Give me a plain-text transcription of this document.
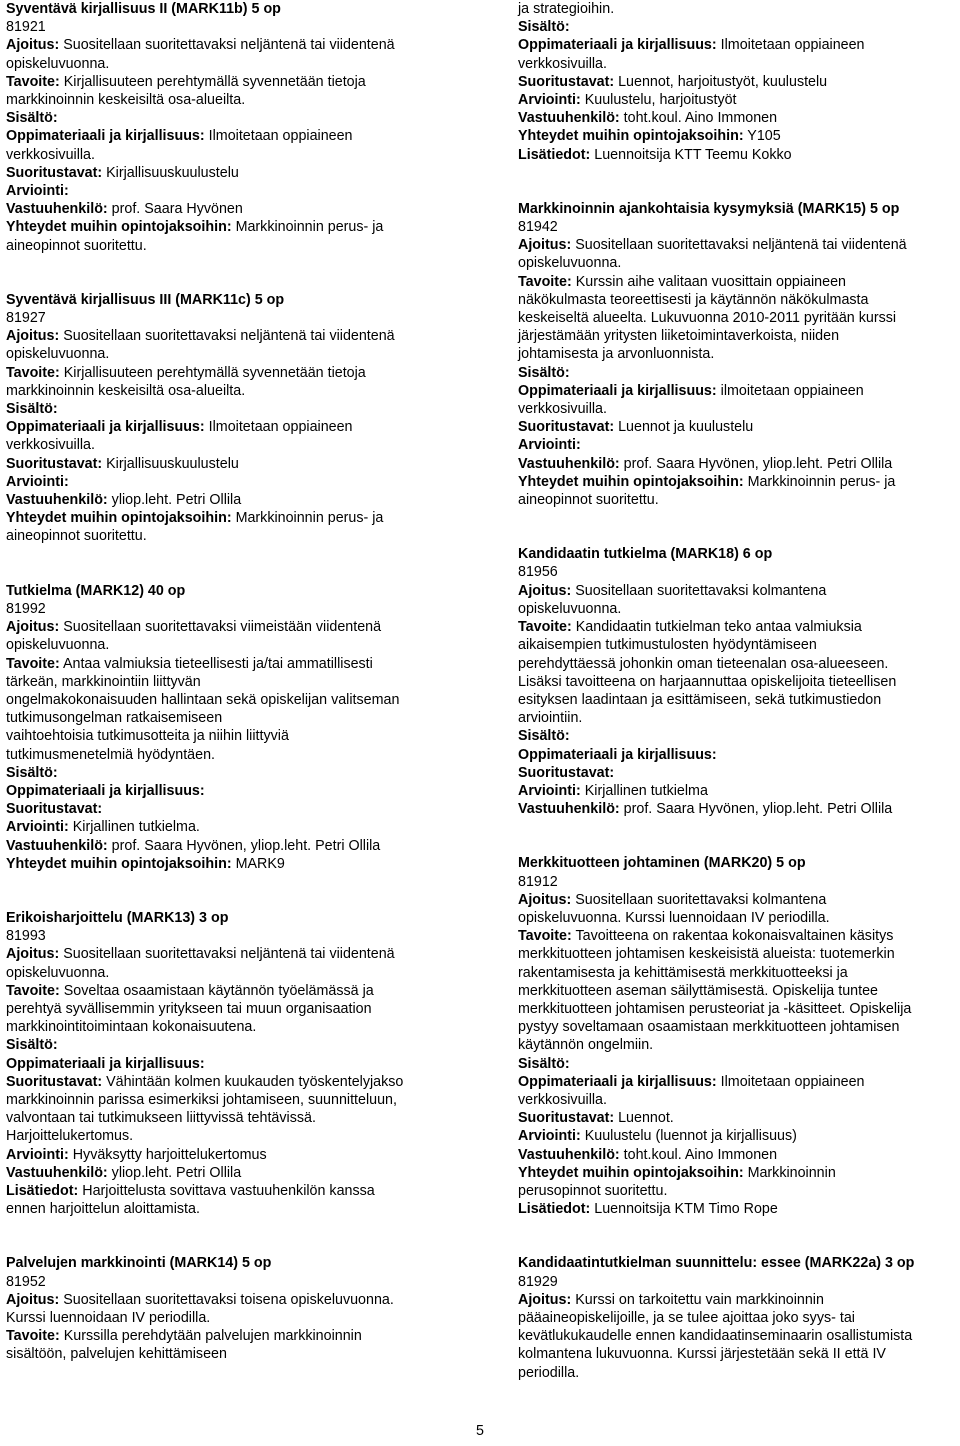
Syventävä kirjallisuus II (MARK11b) 5 op
81921
Ajoitus: Suositellaan suoritettavaksi neljäntenä tai viidentenä
opiskeluvuonna.
Tavoite: Kirjallisuuteen perehtymällä syvennetään tietoja
markkinoinnin keskeisiltä osa-alueilta.
Sisältö:
Oppimateriaali ja kirjallisuus: Ilmoitetaan oppiaineen
verkkosivuilla.
Suoritustavat: Kirjallisuuskuulustelu
Arviointi:
Vastuuhenkilö: prof. Saara Hyvönen
Yhteydet muihin opintojaksoihin: Markkinoinnin perus- ja
aineopinnot suoritettu.
Syventävä kirjallisuus III (MARK11c) 5 op
81927
Ajoitus: Suositellaan suoritettavaksi neljäntenä tai viidentenä
opiskeluvuonna.
Tavoite: Kirjallisuuteen perehtymällä syvennetään tietoja
markkinoinnin keskeisiltä osa-alueilta.
Sisältö:
Oppimateriaali ja kirjallisuus: Ilmoitetaan oppiaineen
verkkosivuilla.
Suoritustavat: Kirjallisuuskuulustelu
Arviointi:
Vastuuhenkilö: yliop.leht. Petri Ollila
Yhteydet muihin opintojaksoihin: Markkinoinnin perus- ja
aineopinnot suoritettu.
Tutkielma (MARK12) 40 op
81992
Ajoitus: Suositellaan suoritettavaksi viimeistään viidentenä
opiskeluvuonna.
Tavoite: Antaa valmiuksia tieteellisesti ja/tai ammatillisesti
tärkeän, markkinointiin liittyvän
ongelmakokonaisuuden hallintaan sekä opiskelijan valitseman
tutkimusongelman ratkaisemiseen
vaihtoehtoisia tutkimusotteita ja niihin liittyviä
tutkimusmenetelmiä hyödyntäen.
Sisältö:
Oppimateriaali ja kirjallisuus:
Suoritustavat:
Arviointi: Kirjallinen tutkielma.
Vastuuhenkilö: prof. Saara Hyvönen, yliop.leht. Petri Ollila
Yhteydet muihin opintojaksoihin: MARK9
Erikoisharjoittelu (MARK13) 3 op
81993
Ajoitus: Suositellaan suoritettavaksi neljäntenä tai viidentenä
opiskeluvuonna.
Tavoite: Soveltaa osaamistaan käytännön työelämässä ja
perehtyä syvällisemmin yritykseen tai muun organisaation
markkinointitoimintaan kokonaisuutena.
Sisältö:
Oppimateriaali ja kirjallisuus:
Suoritustavat: Vähintään kolmen kuukauden työskentelyjakso
markkinoinnin parissa esimerkiksi johtamiseen, suunnitteluun,
valvontaan tai tutkimukseen liittyvissä tehtävissä.
Harjoittelukertomus.
Arviointi: Hyväksytty harjoittelukertomus
Vastuuhenkilö: yliop.leht. Petri Ollila
Lisätiedot: Harjoittelusta sovittava vastuuhenkilön kanssa
ennen harjoittelun aloittamista.
Palvelujen markkinointi (MARK14) 5 op
81952
Ajoitus: Suositellaan suoritettavaksi toisena opiskeluvuonna.
Kurssi luennoidaan IV periodilla.
Tavoite: Kurssilla perehdytään palvelujen markkinoinnin
sisältöön, palvelujen kehittämiseen
ja strategioihin.
Sisältö:
Oppimateriaali ja kirjallisuus: Ilmoitetaan oppiaineen
verkkosivuilla.
Suoritustavat: Luennot, harjoitustyöt, kuulustelu
Arviointi: Kuulustelu, harjoitustyöt
Vastuuhenkilö: toht.koul. Aino Immonen
Yhteydet muihin opintojaksoihin: Y105
Lisätiedot: Luennoitsija KTT Teemu Kokko
Markkinoinnin ajankohtaisia kysymyksiä (MARK15) 5 op
81942
Ajoitus: Suositellaan suoritettavaksi neljäntenä tai viidentenä
opiskeluvuonna.
Tavoite: Kurssin aihe valitaan vuosittain oppiaineen
näkökulmasta teoreettisesti ja käytännön näkökulmasta
keskeiseltä alueelta. Lukuvuonna 2010-2011 pyritään kurssi
järjestämään yritysten liiketoimintaverkoista, niiden
johtamisesta ja arvonluonnista.
Sisältö:
Oppimateriaali ja kirjallisuus: ilmoitetaan oppiaineen
verkkosivuilla.
Suoritustavat: Luennot ja kuulustelu
Arviointi:
Vastuuhenkilö: prof. Saara Hyvönen, yliop.leht. Petri Ollila
Yhteydet muihin opintojaksoihin: Markkinoinnin perus- ja
aineopinnot suoritettu.
Kandidaatin tutkielma (MARK18) 6 op
81956
Ajoitus: Suositellaan suoritettavaksi kolmantena
opiskeluvuonna.
Tavoite: Kandidaatin tutkielman teko antaa valmiuksia
aikaisempien tutkimustulosten hyödyntämiseen
perehdyttäessä johonkin oman tieteenalan osa-alueeseen.
Lisäksi tavoitteena on harjaannuttaa opiskelijoita tieteellisen
esityksen laadintaan ja esittämiseen, sekä tutkimustiedon
arviointiin.
Sisältö:
Oppimateriaali ja kirjallisuus:
Suoritustavat:
Arviointi: Kirjallinen tutkielma
Vastuuhenkilö: prof. Saara Hyvönen, yliop.leht. Petri Ollila
Merkkituotteen johtaminen (MARK20) 5 op
81912
Ajoitus: Suositellaan suoritettavaksi kolmantena
opiskeluvuonna. Kurssi luennoidaan IV periodilla.
Tavoite: Tavoitteena on rakentaa kokonaisvaltainen käsitys
merkkituotteen johtamisen keskeisistä alueista: tuotemerkin
rakentamisesta ja kehittämisestä merkkituotteeksi ja
merkkituotteen aseman säilyttämisestä. Opiskelija tuntee
merkkituotteen johtamisen perusteoriat ja -käsitteet. Opiskelija
pystyy soveltamaan osaamistaan merkkituotteen johtamisen
käytännön ongelmiin.
Sisältö:
Oppimateriaali ja kirjallisuus: Ilmoitetaan oppiaineen
verkkosivuilla.
Suoritustavat: Luennot.
Arviointi: Kuulustelu (luennot ja kirjallisuus)
Vastuuhenkilö: toht.koul. Aino Immonen
Yhteydet muihin opintojaksoihin: Markkinoinnin
perusopinnot suoritettu.
Lisätiedot: Luennoitsija KTM Timo Rope
Kandidaatintutkielman suunnittelu: essee (MARK22a) 3 op
81929
Ajoitus: Kurssi on tarkoitettu vain markkinoinnin
pääaineopiskelijoille, ja se tulee ajoittaa joko syys- tai
kevätlukukaudelle ennen kandidaatinseminaarin osallistumista
kolmantena lukuvuonna. Kurssi järjestetään sekä II että IV
periodilla.
5
